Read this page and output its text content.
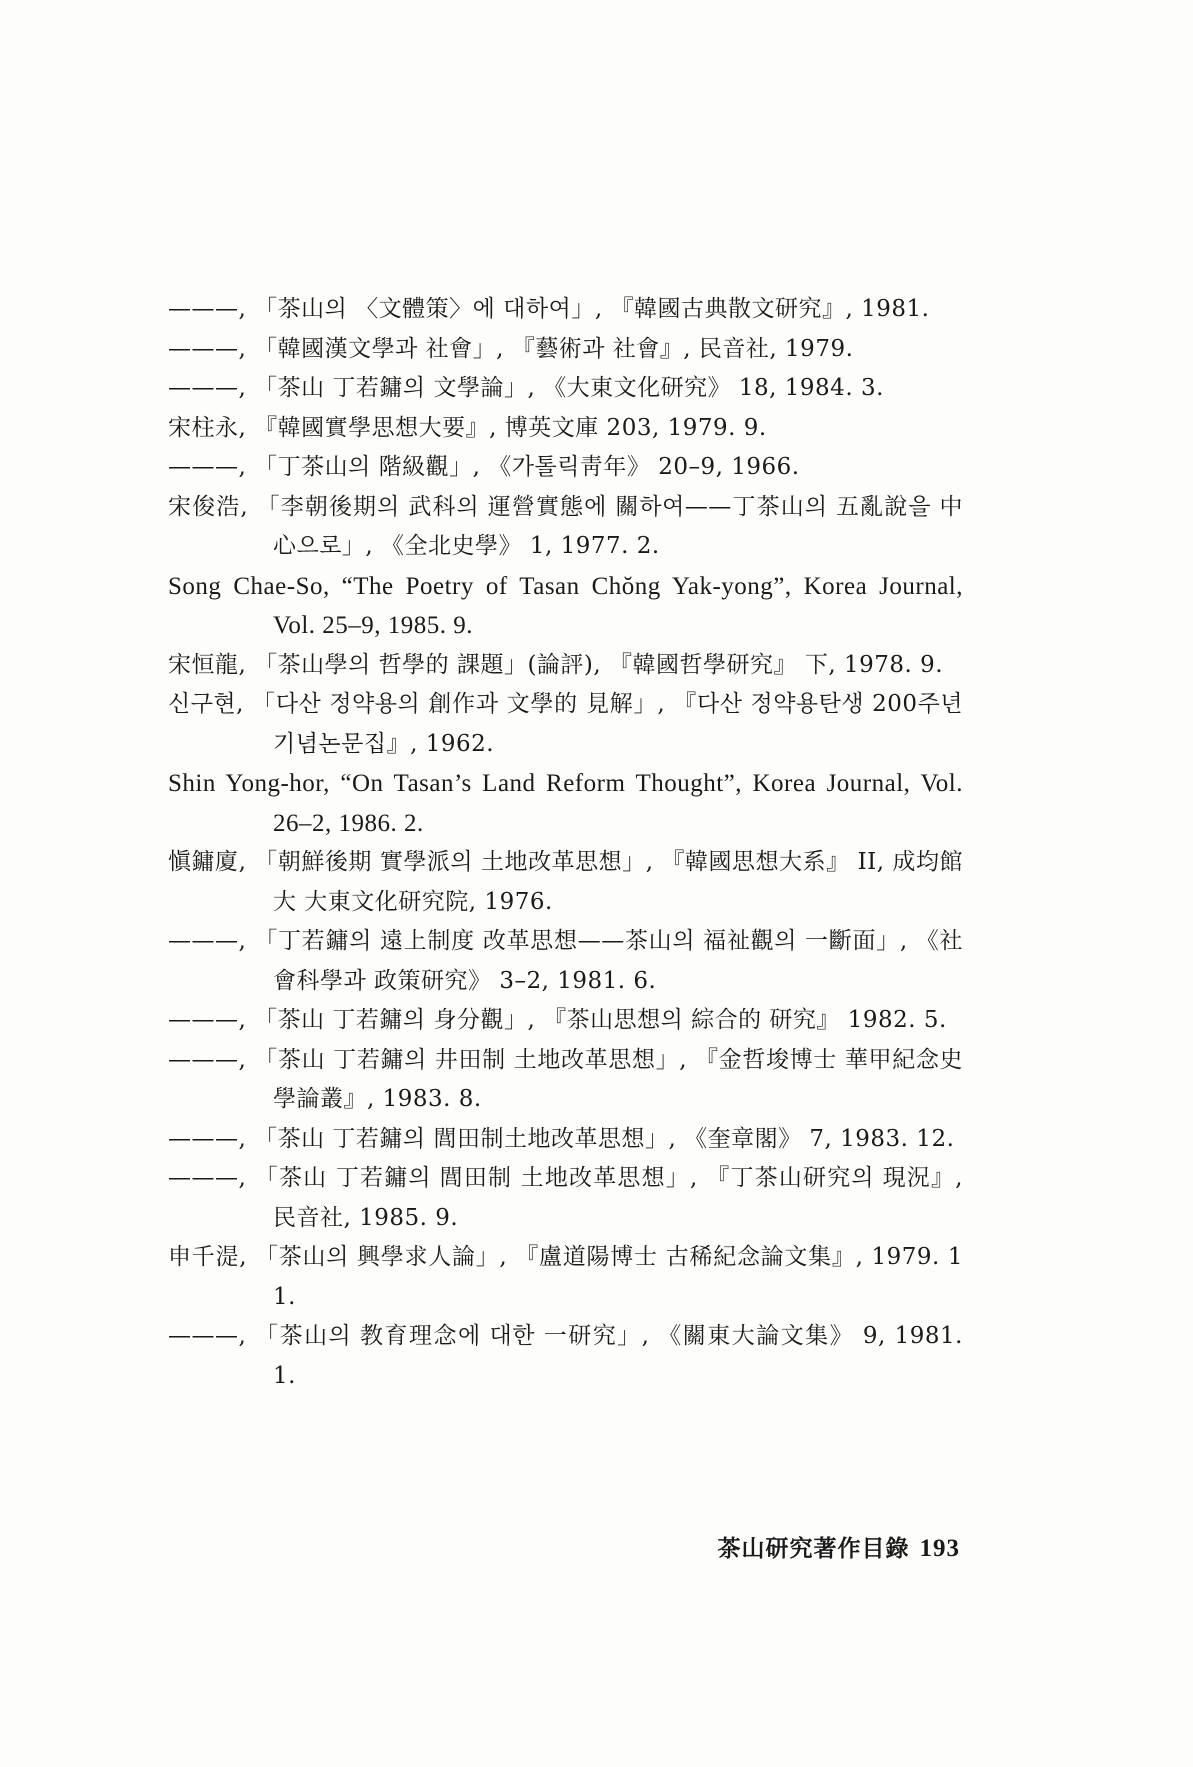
———, 「茶山의 〈文體策〉에 대하여」, 『韓國古典散文研究』, 1981.
———, 「韓國漢文學과 社會」, 『藝術과 社會』, 民音社, 1979.
———, 「茶山 丁若鏞의 文學論」, 《大東文化研究》 18, 1984. 3.
宋柱永, 『韓國實學思想大要』, 博英文庫 203, 1979. 9.
———, 「丁茶山의 階級觀」, 《가톨릭靑年》 20–9, 1966.
宋俊浩, 「李朝後期의 武科의 運營實態에 關하여——丁茶山의 五亂說을 中心으로」, 《全北史學》 1, 1977. 2.
Song Chae-So, “The Poetry of Tasan Chŏng Yak-yong”, Korea Journal, Vol. 25–9, 1985. 9.
宋恒龍, 「茶山學의 哲學的 課題」(論評), 『韓國哲學研究』 下, 1978. 9.
신구현, 「다산 정약용의 創作과 文學的 見解」, 『다산 정약용탄생 200주년 기념논문집』, 1962.
Shin Yong-hor, “On Tasan’s Land Reform Thought”, Korea Journal, Vol. 26–2, 1986. 2.
愼鏞廈, 「朝鮮後期 實學派의 土地改革思想」, 『韓國思想大系』 II, 成均館大 大東文化研究院, 1976.
———, 「丁若鏞의 遠上制度 改革思想——茶山의 福祉觀의 一斷面」, 《社會科學과 政策研究》 3–2, 1981. 6.
———, 「茶山 丁若鏞의 身分觀」, 『茶山思想의 綜合的 研究』 1982. 5.
———, 「茶山 丁若鏞의 井田制 土地改革思想」, 『金哲埈博士 華甲紀念史學論叢』, 1983. 8.
———, 「茶山 丁若鏞의 閭田制土地改革思想」, 《奎章閣》 7, 1983. 12.
———, 「茶山 丁若鏞의 閭田制 土地改革思想」, 『丁茶山研究의 現況』, 民音社, 1985. 9.
申千湜, 「茶山의 興學求人論」, 『盧道陽博士 古稀紀念論文集』, 1979. 11.
———, 「茶山의 教育理念에 대한 一研究」, 《關東大論文集》 9, 1981. 1.
茶山研究著作目錄 193
